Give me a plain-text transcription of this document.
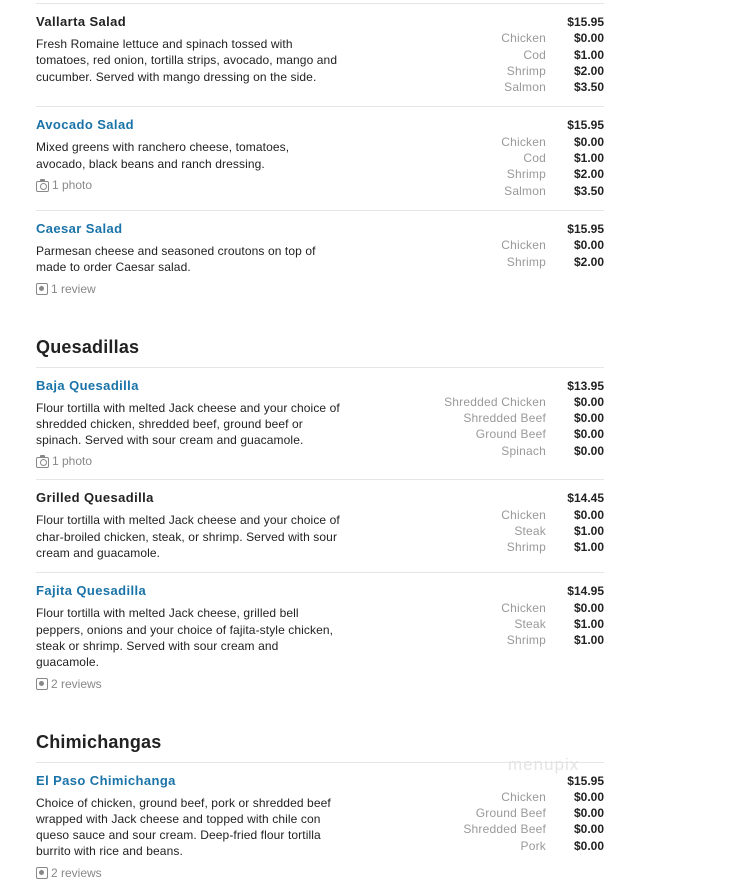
Vallarta Salad
Fresh Romaine lettuce and spinach tossed with tomatoes, red onion, tortilla strips, avocado, mango and cucumber. Served with mango dressing on the side.
$15.95
Chicken $0.00
Cod $1.00
Shrimp $2.00
Salmon $3.50
Avocado Salad
Mixed greens with ranchero cheese, tomatoes, avocado, black beans and ranch dressing.
1 photo
$15.95
Chicken $0.00
Cod $1.00
Shrimp $2.00
Salmon $3.50
Caesar Salad
Parmesan cheese and seasoned croutons on top of made to order Caesar salad.
1 review
$15.95
Chicken $0.00
Shrimp $2.00
Quesadillas
Baja Quesadilla
Flour tortilla with melted Jack cheese and your choice of shredded chicken, shredded beef, ground beef or spinach. Served with sour cream and guacamole.
1 photo
$13.95
Shredded Chicken $0.00
Shredded Beef $0.00
Ground Beef $0.00
Spinach $0.00
Grilled Quesadilla
Flour tortilla with melted Jack cheese and your choice of char-broiled chicken, steak, or shrimp. Served with sour cream and guacamole.
$14.45
Chicken $0.00
Steak $1.00
Shrimp $1.00
Fajita Quesadilla
Flour tortilla with melted Jack cheese, grilled bell peppers, onions and your choice of fajita-style chicken, steak or shrimp. Served with sour cream and guacamole.
2 reviews
$14.95
Chicken $0.00
Steak $1.00
Shrimp $1.00
Chimichangas
El Paso Chimichanga
Choice of chicken, ground beef, pork or shredded beef wrapped with Jack cheese and topped with chile con queso sauce and sour cream. Deep-fried flour tortilla burrito with rice and beans.
2 reviews
$15.95
Chicken $0.00
Ground Beef $0.00
Shredded Beef $0.00
Pork $0.00
menupix
